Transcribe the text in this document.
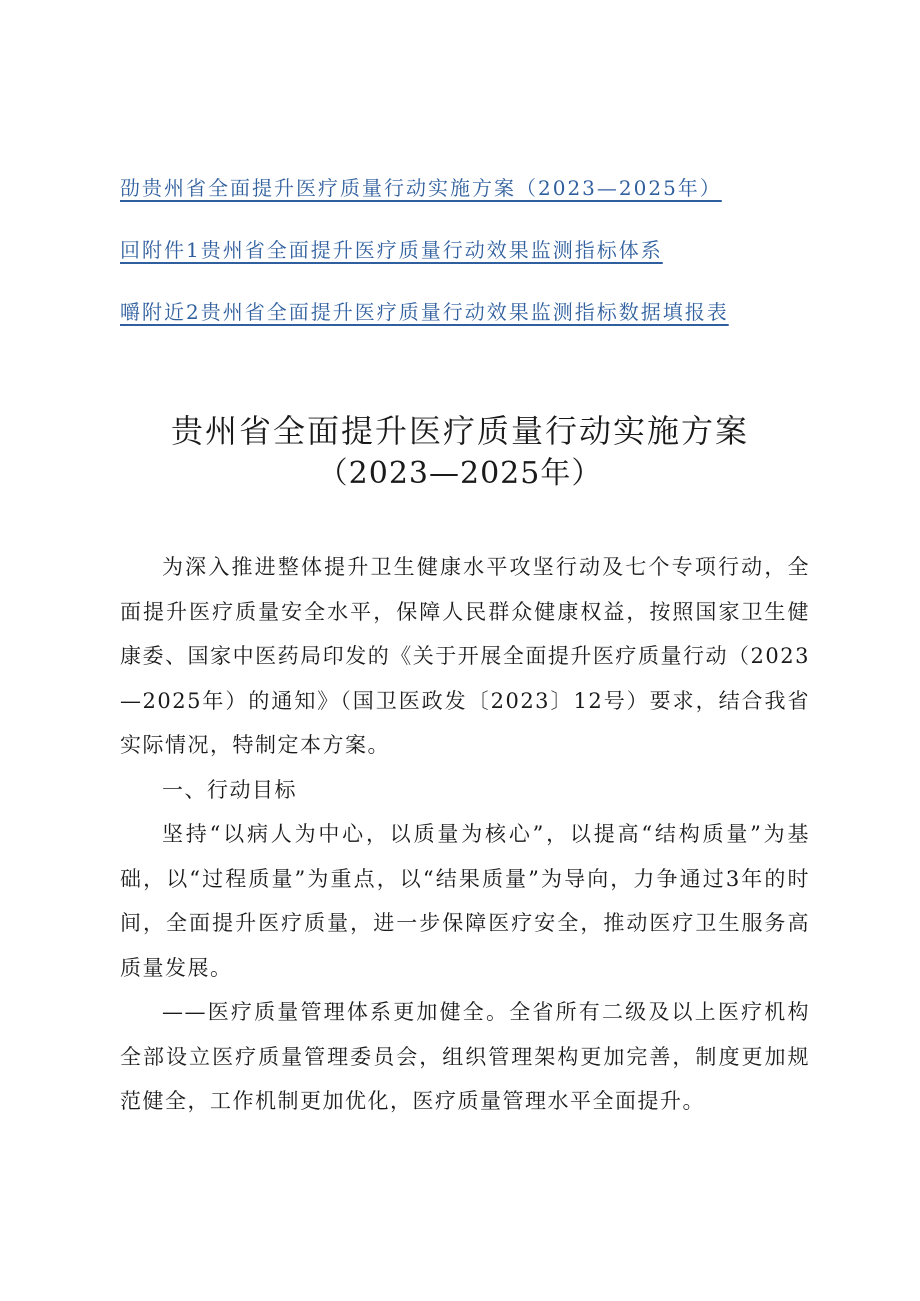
劭贵州省全面提升医疗质量行动实施方案（2023—2025年）
回附件1贵州省全面提升医疗质量行动效果监测指标体系
嚼附近2贵州省全面提升医疗质量行动效果监测指标数据填报表
贵州省全面提升医疗质量行动实施方案
（2023—2025年）

为深入推进整体提升卫生健康水平攻坚行动及七个专项行动，全面提升医疗质量安全水平，保障人民群众健康权益，按照国家卫生健康委、国家中医药局印发的《关于开展全面提升医疗质量行动（2023—2025年）的通知》（国卫医政发〔2023〕12号）要求，结合我省实际情况，特制定本方案。

一、行动目标

坚持“以病人为中心，以质量为核心”，以提高“结构质量”为基础，以“过程质量”为重点，以“结果质量”为导向，力争通过3年的时间，全面提升医疗质量，进一步保障医疗安全，推动医疗卫生服务高质量发展。

——医疗质量管理体系更加健全。全省所有二级及以上医疗机构全部设立医疗质量管理委员会，组织管理架构更加完善，制度更加规范健全，工作机制更加优化，医疗质量管理水平全面提升。
